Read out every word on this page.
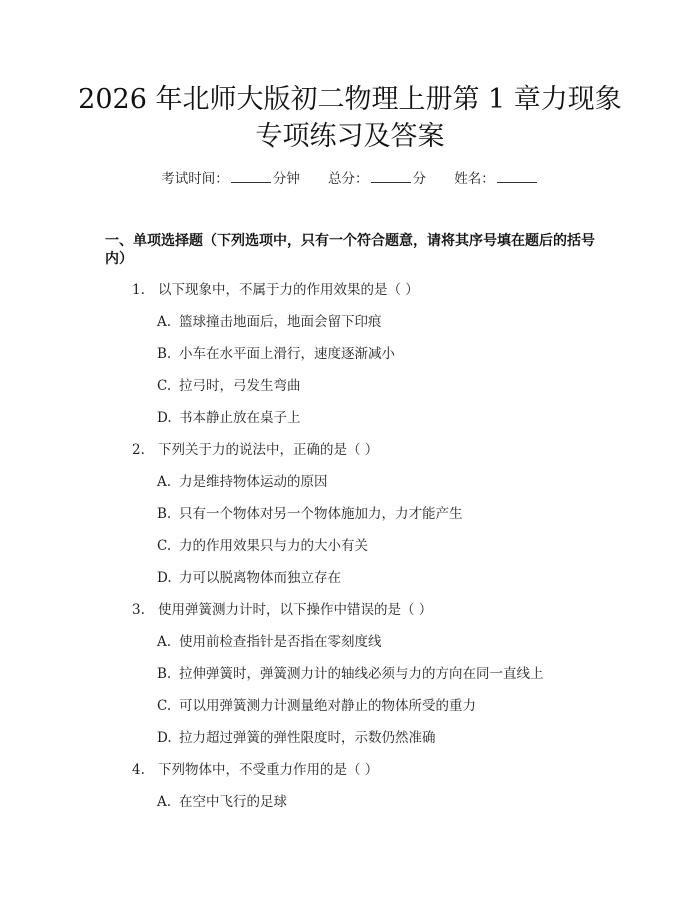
2026 年北师大版初二物理上册第 1 章力现象
专项练习及答案
考试时间：	分钟 总分：	分 姓名：
一、单项选择题（下列选项中，只有一个符合题意，请将其序号填在题后的括号内）
1. 以下现象中，不属于力的作用效果的是（ ）
A. 篮球撞击地面后，地面会留下印痕
B. 小车在水平面上滑行，速度逐渐减小
C. 拉弓时，弓发生弯曲
D. 书本静止放在桌子上
2. 下列关于力的说法中，正确的是（ ）
A. 力是维持物体运动的原因
B. 只有一个物体对另一个物体施加力，力才能产生
C. 力的作用效果只与力的大小有关
D. 力可以脱离物体而独立存在
3. 使用弹簧测力计时，以下操作中错误的是（ ）
A. 使用前检查指针是否指在零刻度线
B. 拉伸弹簧时，弹簧测力计的轴线必须与力的方向在同一直线上
C. 可以用弹簧测力计测量绝对静止的物体所受的重力
D. 拉力超过弹簧的弹性限度时，示数仍然准确
4. 下列物体中，不受重力作用的是（ ）
A. 在空中飞行的足球
